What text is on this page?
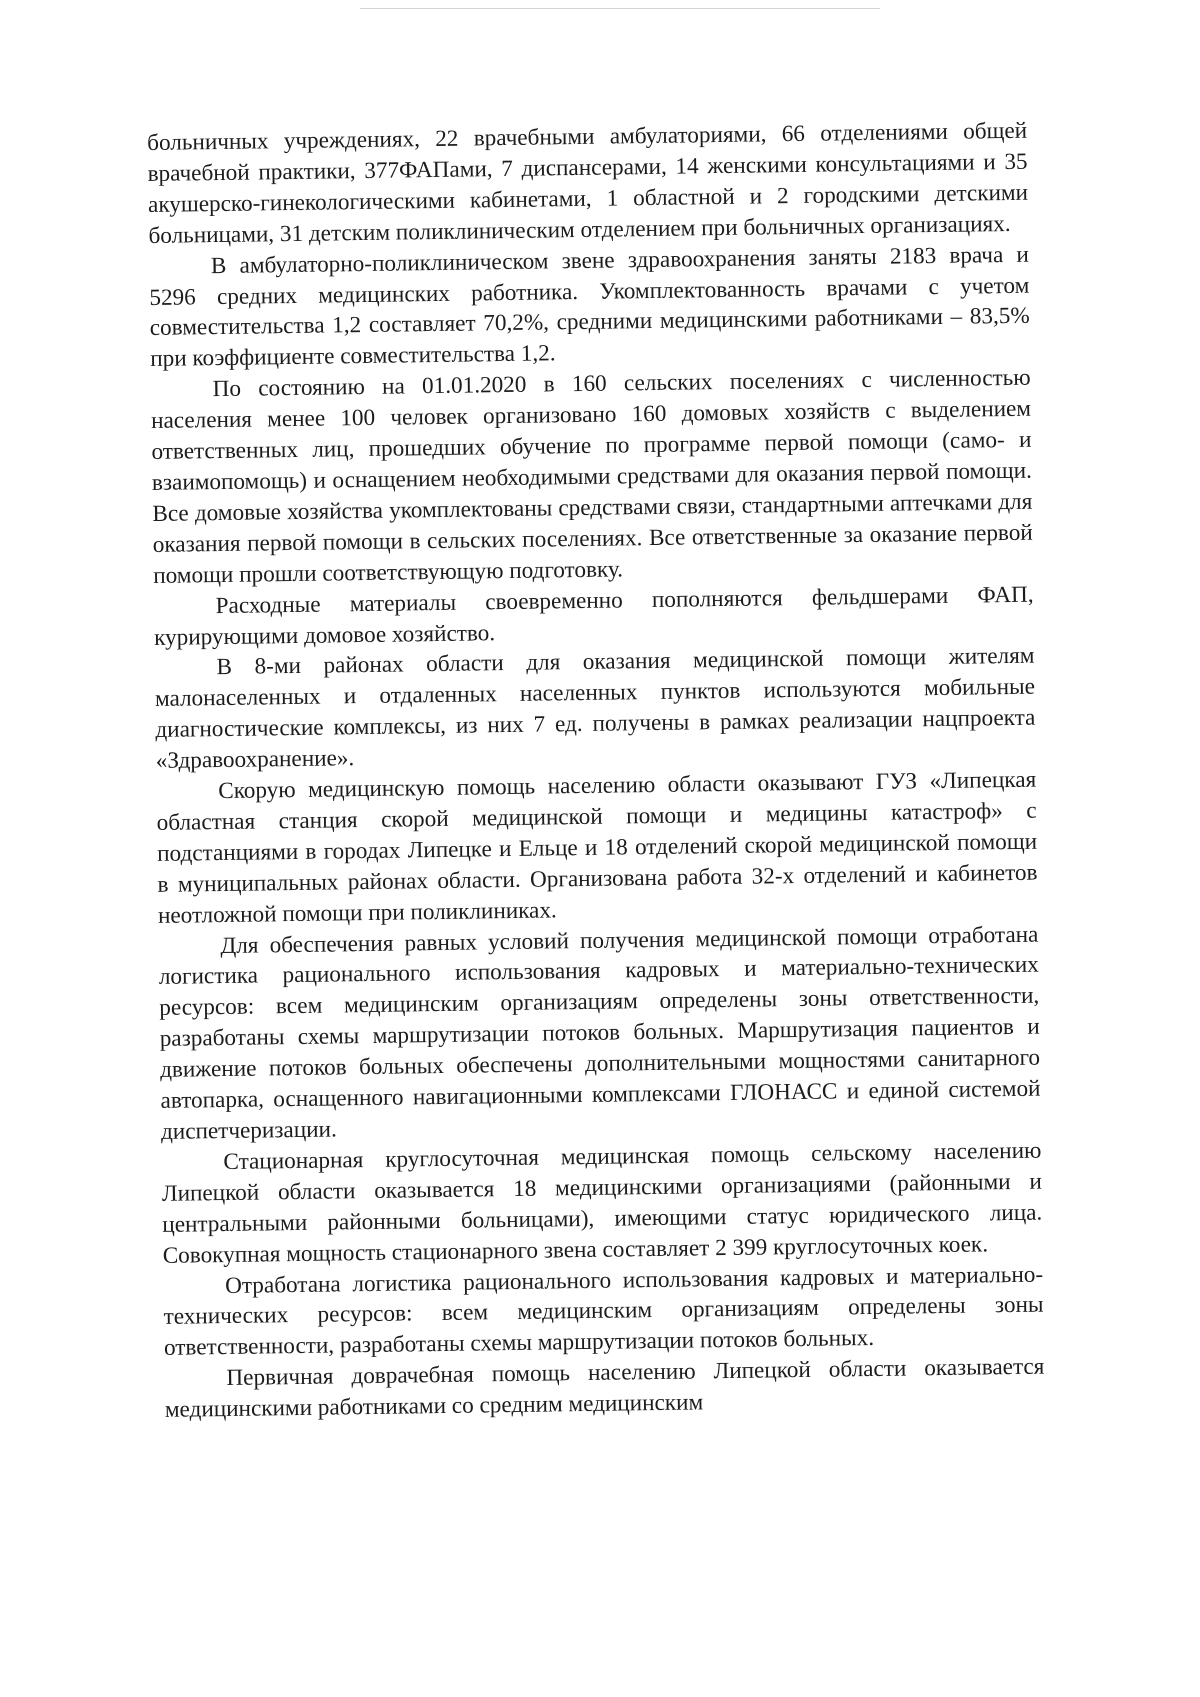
больничных учреждениях, 22 врачебными амбулаториями, 66 отделениями общей врачебной практики, 377ФАПами, 7 диспансерами, 14 женскими консультациями и 35 акушерско-гинекологическими кабинетами, 1 областной и 2 городскими детскими больницами, 31 детским поликлиническим отделением при больничных организациях.

В амбулаторно-поликлиническом звене здравоохранения заняты 2183 врача и 5296 средних медицинских работника. Укомплектованность врачами с учетом совместительства 1,2 составляет 70,2%, средними медицинскими работниками – 83,5% при коэффициенте совместительства 1,2.

По состоянию на 01.01.2020 в 160 сельских поселениях с численностью населения менее 100 человек организовано 160 домовых хозяйств с выделением ответственных лиц, прошедших обучение по программе первой помощи (само- и взаимопомощь) и оснащением необходимыми средствами для оказания первой помощи. Все домовые хозяйства укомплектованы средствами связи, стандартными аптечками для оказания первой помощи в сельских поселениях. Все ответственные за оказание первой помощи прошли соответствующую подготовку.

Расходные материалы своевременно пополняются фельдшерами ФАП, курирующими домовое хозяйство.

В 8-ми районах области для оказания медицинской помощи жителям малонаселенных и отдаленных населенных пунктов используются мобильные диагностические комплексы, из них 7 ед. получены в рамках реализации нацпроекта «Здравоохранение».

Скорую медицинскую помощь населению области оказывают ГУЗ «Липецкая областная станция скорой медицинской помощи и медицины катастроф» с подстанциями в городах Липецке и Ельце и 18 отделений скорой медицинской помощи в муниципальных районах области. Организована работа 32-х отделений и кабинетов неотложной помощи при поликлиниках.

Для обеспечения равных условий получения медицинской помощи отработана логистика рационального использования кадровых и материально-технических ресурсов: всем медицинским организациям определены зоны ответственности, разработаны схемы маршрутизации потоков больных. Маршрутизация пациентов и движение потоков больных обеспечены дополнительными мощностями санитарного автопарка, оснащенного навигационными комплексами ГЛОНАСС и единой системой диспетчеризации.

Стационарная круглосуточная медицинская помощь сельскому населению Липецкой области оказывается 18 медицинскими организациями (районными и центральными районными больницами), имеющими статус юридического лица. Совокупная мощность стационарного звена составляет 2 399 круглосуточных коек.

Отработана логистика рационального использования кадровых и материально-технических ресурсов: всем медицинским организациям определены зоны ответственности, разработаны схемы маршрутизации потоков больных.

Первичная доврачебная помощь населению Липецкой области оказывается медицинскими работниками со средним медицинским
